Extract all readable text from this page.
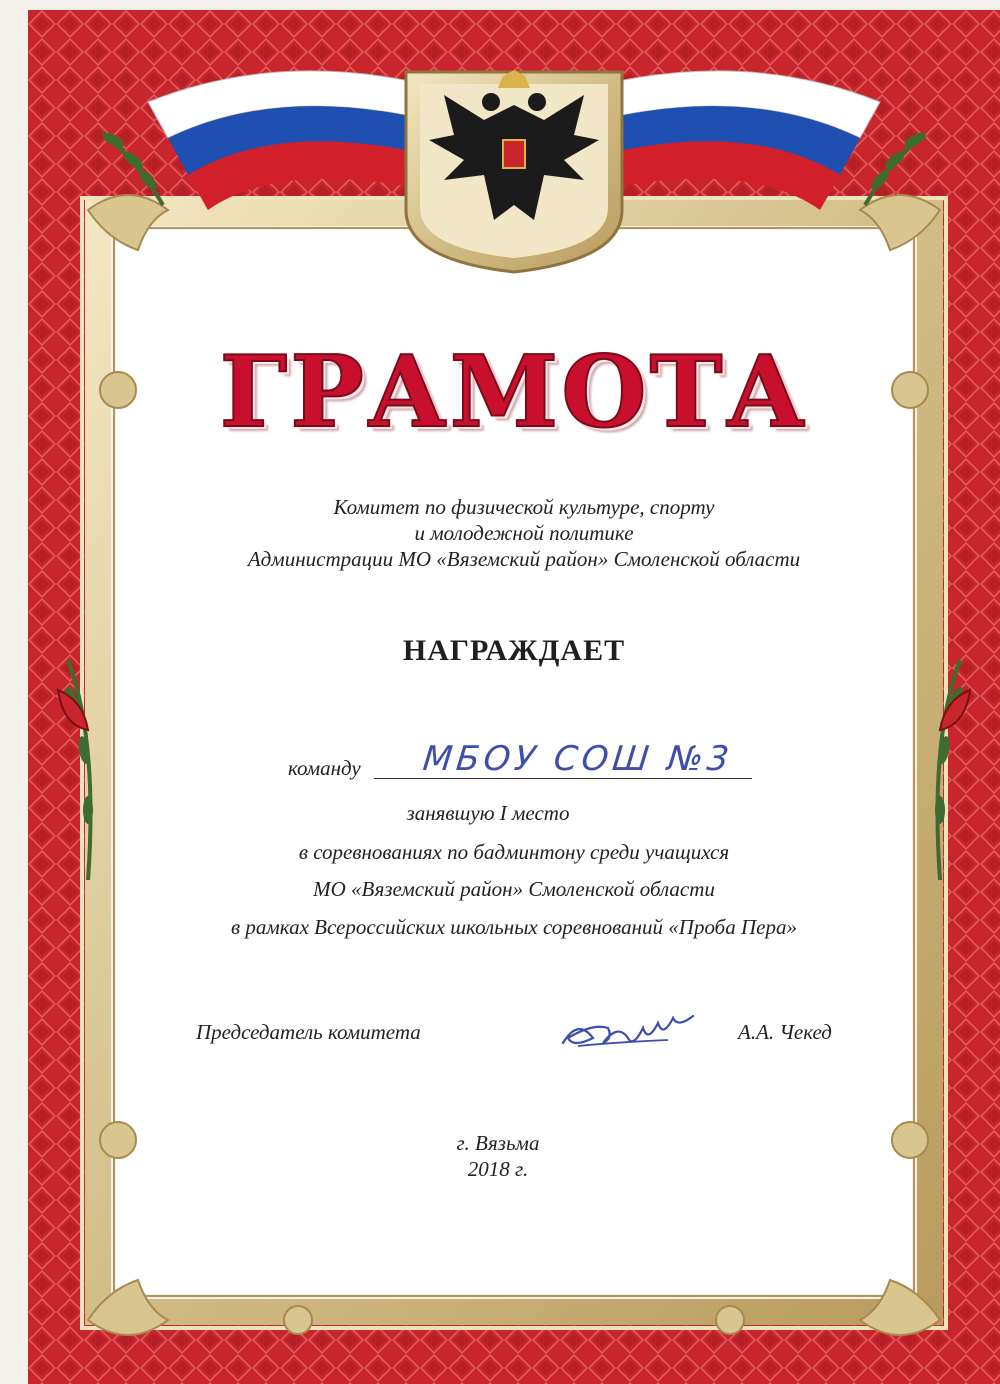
ГРАМОТА
Комитет по физической культуре, спорту
и молодежной политике
Администрации МО «Вяземский район» Смоленской области
НАГРАЖДАЕТ
команду МБОУ СОШ №3
занявшую I место
в соревнованиях по бадминтону среди учащихся
МО «Вяземский район» Смоленской области
в рамках Всероссийских школьных соревнований «Проба Пера»
Председатель комитета	А.А. Чекед
г. Вязьма
2018 г.
